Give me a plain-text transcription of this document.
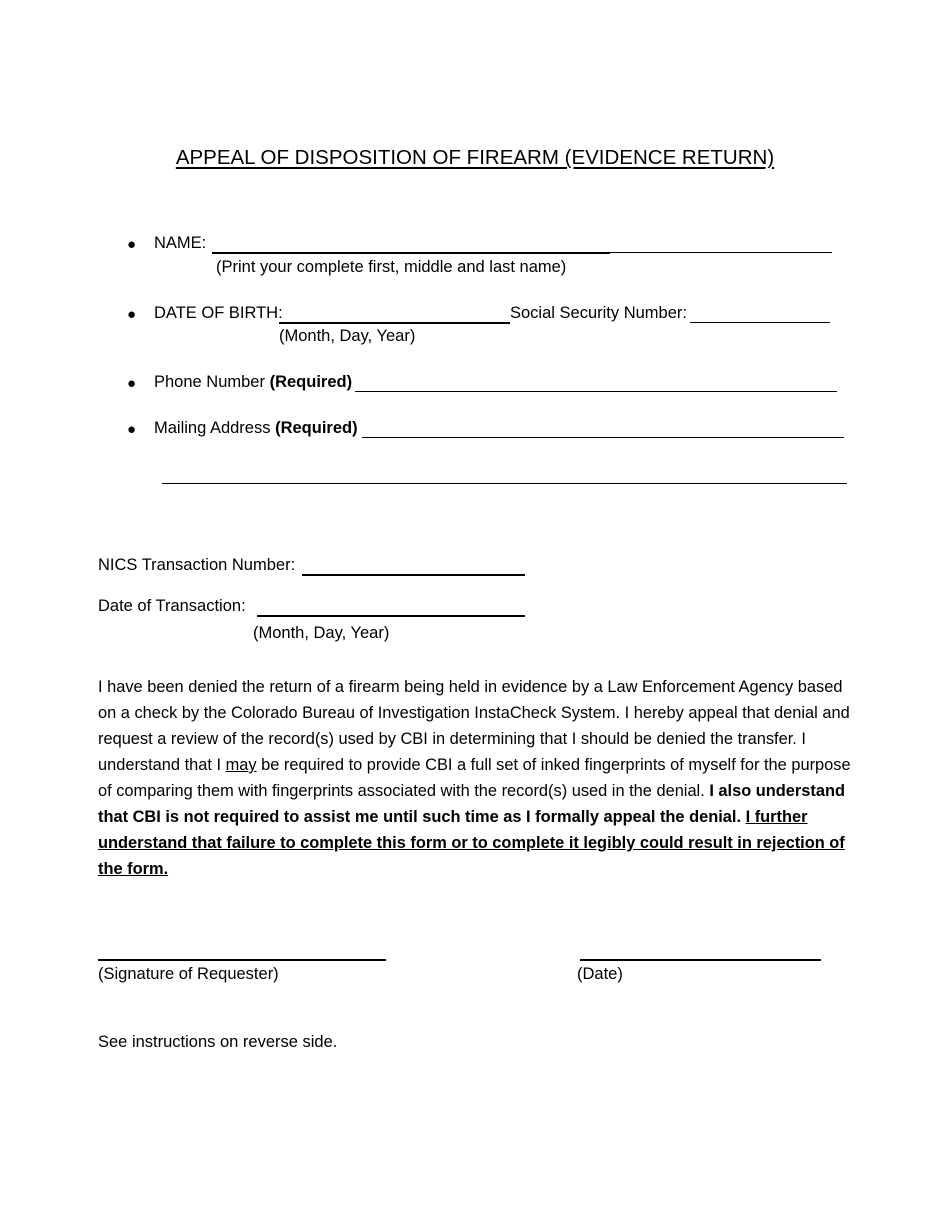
APPEAL OF DISPOSITION OF FIREARM (EVIDENCE RETURN)
● NAME:
(Print your complete first, middle and last name)
● DATE OF BIRTH:	Social Security Number:
(Month, Day, Year)
● Phone Number (Required)
● Mailing Address (Required)
NICS Transaction Number:
Date of Transaction:
(Month, Day, Year)
I have been denied the return of a firearm being held in evidence by a Law Enforcement Agency based on a check by the Colorado Bureau of Investigation InstaCheck System. I hereby appeal that denial and request a review of the record(s) used by CBI in determining that I should be denied the transfer. I understand that I may be required to provide CBI a full set of inked fingerprints of myself for the purpose of comparing them with fingerprints associated with the record(s) used in the denial. I also understand that CBI is not required to assist me until such time as I formally appeal the denial. I further understand that failure to complete this form or to complete it legibly could result in rejection of the form.
(Signature of Requester)	(Date)
See instructions on reverse side.
